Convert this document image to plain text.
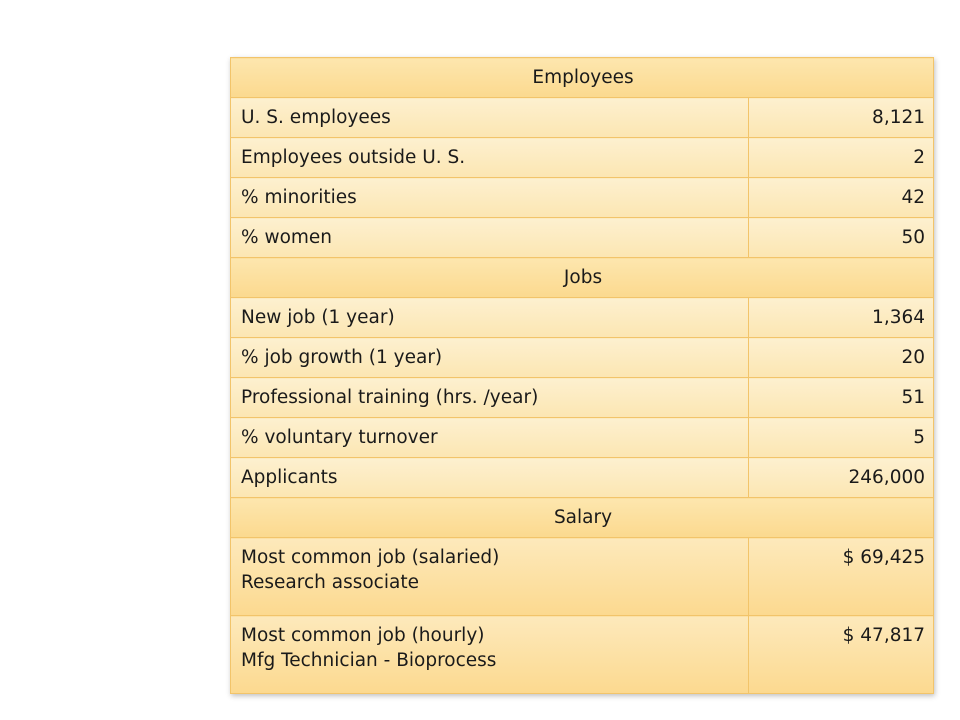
Employees	
U. S. employees	8,121
Employees outside U. S.	2
% minorities	42
% women	50
Jobs	
New job (1 year)	1,364
% job growth (1 year)	20
Professional training (hrs. /year)	51
% voluntary turnover	5
Applicants	246,000
Salary	

Most common job (salaried)
Research associate	$ 69,425

Most common job (hourly)
Mfg Technician - Bioprocess	$ 47,817
